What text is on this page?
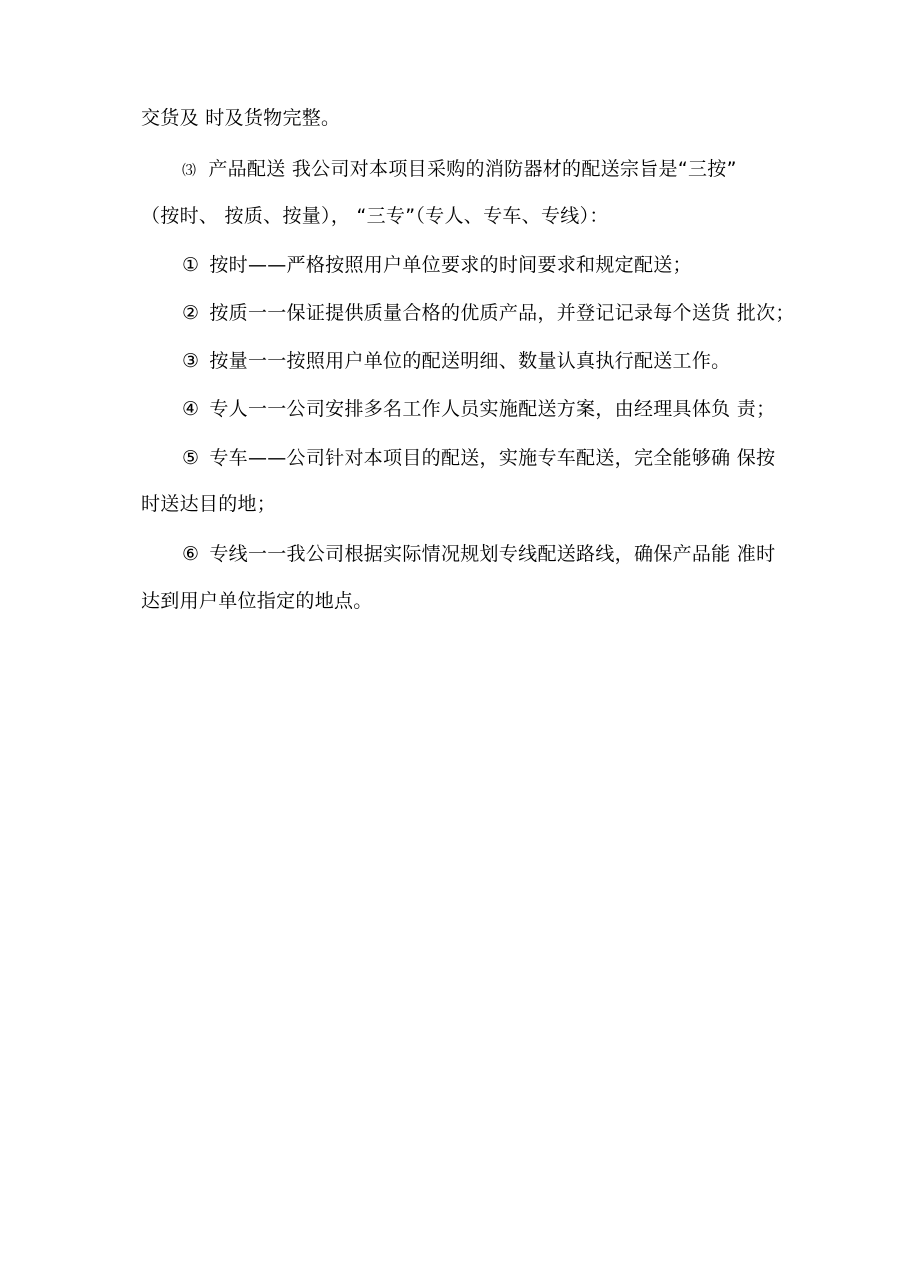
交货及 时及货物完整。
⑶ 产品配送 我公司对本项目采购的消防器材的配送宗旨是“三按”
（按时、 按质、按量）， “三专”（专人、专车、专线）：
① 按时——严格按照用户单位要求的时间要求和规定配送；
② 按质一一保证提供质量合格的优质产品，并登记记录每个送货 批次；
③ 按量一一按照用户单位的配送明细、数量认真执行配送工作。
④ 专人一一公司安排多名工作人员实施配送方案，由经理具体负 责；
⑤ 专车——公司针对本项目的配送，实施专车配送，完全能够确 保按
时送达目的地；
⑥ 专线一一我公司根据实际情况规划专线配送路线，确保产品能 准时
达到用户单位指定的地点。
